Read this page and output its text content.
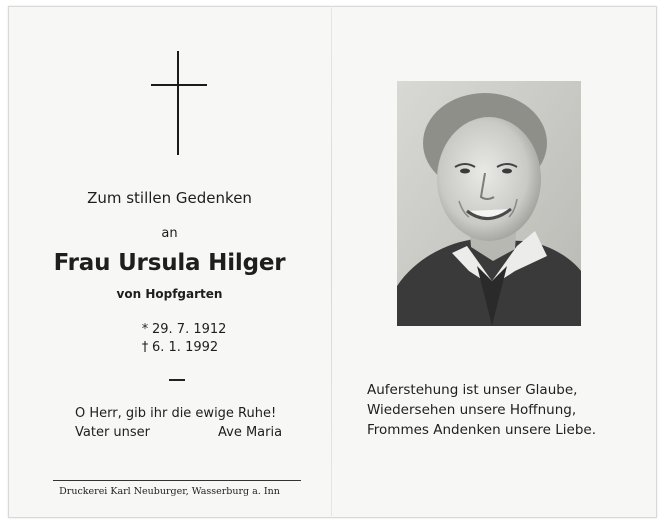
Zum stillen Gedenken
an
Frau Ursula Hilger
von Hopfgarten
* 29. 7. 1912
† 6. 1. 1992
O Herr, gib ihr die ewige Ruhe!
Vater unser	Ave Maria
Druckerei Karl Neuburger, Wasserburg a. Inn
Auferstehung ist unser Glaube,
Wiedersehen unsere Hoffnung,
Frommes Andenken unsere Liebe.
